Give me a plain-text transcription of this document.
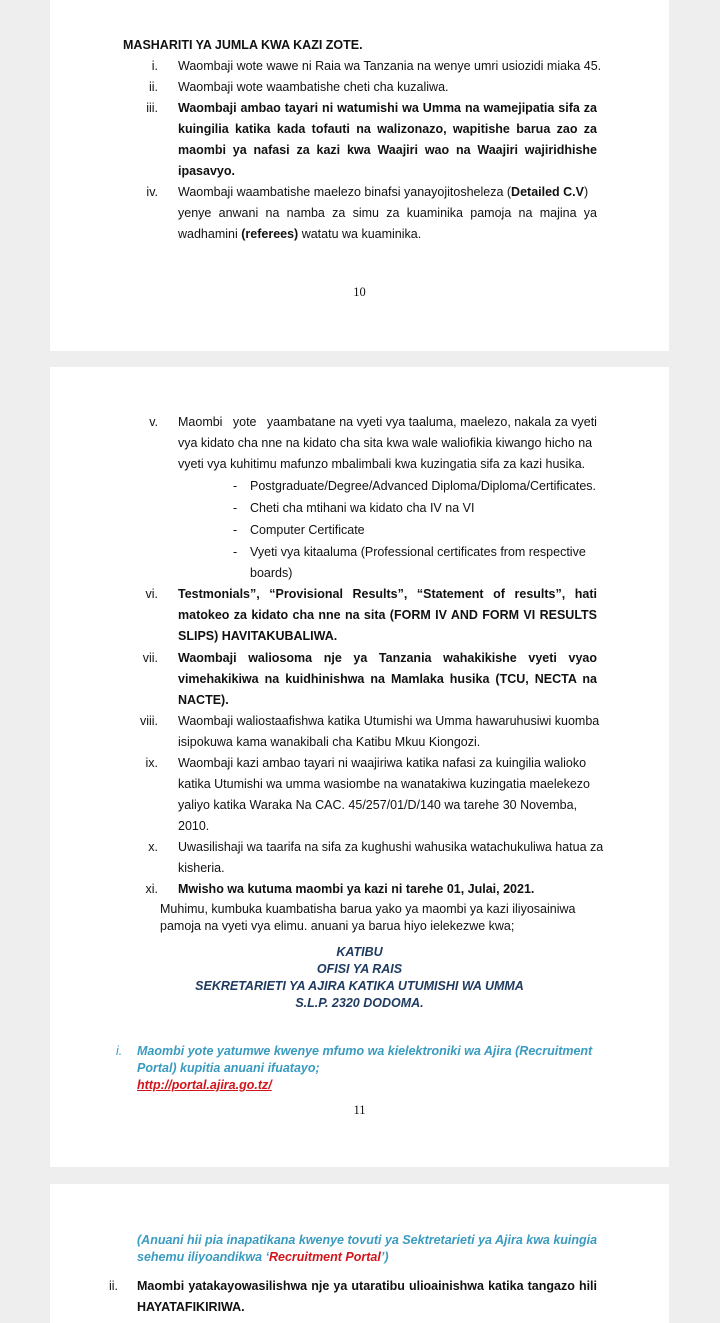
MASHARITI YA JUMLA KWA KAZI ZOTE.
i. Waombaji wote wawe ni Raia wa Tanzania na wenye umri usiozidi miaka 45.
ii. Waombaji wote waambatishe cheti cha kuzaliwa.
iii. Waombaji ambao tayari ni watumishi wa Umma na wamejipatia sifa za
kuingilia katika kada tofauti na walizonazo, wapitishe barua zao za
maombi ya nafasi za kazi kwa Waajiri wao na Waajiri wajiridhishe
ipasavyo.
iv. Waombaji waambatishe maelezo binafsi yanayojitosheleza (Detailed C.V)
yenye anwani na namba za simu za kuaminika pamoja na majina ya
wadhamini (referees) watatu wa kuaminika.
10
v. Maombi   yote   yaambatane na vyeti vya taaluma, maelezo, nakala za vyeti
vya kidato cha nne na kidato cha sita kwa wale waliofikia kiwango hicho na
vyeti vya kuhitimu mafunzo mbalimbali kwa kuzingatia sifa za kazi husika.
- Postgraduate/Degree/Advanced Diploma/Diploma/Certificates.
- Cheti cha mtihani wa kidato cha IV na VI
- Computer Certificate
- Vyeti vya kitaaluma (Professional certificates from respective
boards)
vi. Testmonials”, “Provisional Results”, “Statement of results”, hati
matokeo za kidato cha nne na sita (FORM IV AND FORM VI RESULTS
SLIPS) HAVITAKUBALIWA.
vii. Waombaji waliosoma nje ya Tanzania wahakikishe vyeti vyao
vimehakikiwa na kuidhinishwa na Mamlaka husika (TCU, NECTA na
NACTE).
viii. Waombaji waliostaafishwa katika Utumishi wa Umma hawaruhusiwi kuomba
isipokuwa kama wanakibali cha Katibu Mkuu Kiongozi.
ix. Waombaji kazi ambao tayari ni waajiriwa katika nafasi za kuingilia walioko
katika Utumishi wa umma wasiombe na wanatakiwa kuzingatia maelekezo
yaliyo katika Waraka Na CAC. 45/257/01/D/140 wa tarehe 30 Novemba,
2010.
x. Uwasilishaji wa taarifa na sifa za kughushi wahusika watachukuliwa hatua za
kisheria.
xi. Mwisho wa kutuma maombi ya kazi ni tarehe 01, Julai, 2021.
Muhimu, kumbuka kuambatisha barua yako ya maombi ya kazi iliyosainiwa
pamoja na vyeti vya elimu. anuani ya barua hiyo ielekezwe kwa;
KATIBU
OFISI YA RAIS
SEKRETARIETI YA AJIRA KATIKA UTUMISHI WA UMMA
S.L.P. 2320 DODOMA.
i. Maombi yote yatumwe kwenye mfumo wa kielektroniki wa Ajira (Recruitment
Portal) kupitia anuani ifuatayo;
http://portal.ajira.go.tz/
11
(Anuani hii pia inapatikana kwenye tovuti ya Sektretarieti ya Ajira kwa kuingia
sehemu iliyoandikwa ‘Recruitment Portal’)
ii. Maombi yatakayowasilishwa nje ya utaratibu ulioainishwa katika tangazo hili
HAYATAFIKIRIWA.
